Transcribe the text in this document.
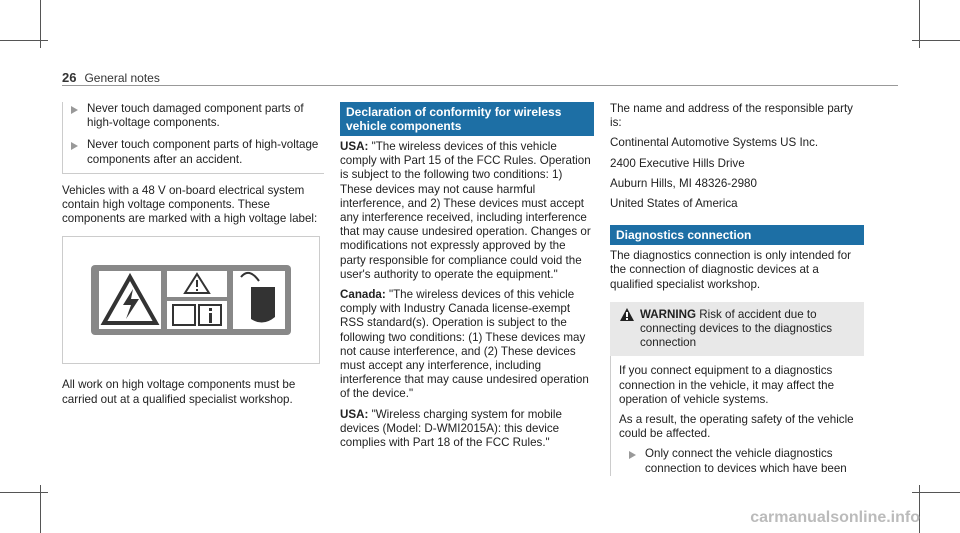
26 General notes
Never touch damaged component parts of high-voltage components.
Never touch component parts of high-voltage components after an accident.

Vehicles with a 48 V on-board electrical system contain high voltage components. These components are marked with a high voltage label:

All work on high voltage components must be carried out at a qualified specialist workshop.

Declaration of conformity for wireless vehicle components

USA: "The wireless devices of this vehicle comply with Part 15 of the FCC Rules. Operation is subject to the following two conditions: 1) These devices may not cause harmful interference, and 2) These devices must accept any interference received, including interference that may cause undesired operation. Changes or modifications not expressly approved by the party responsible for compliance could void the user's authority to operate the equipment."

Canada: "The wireless devices of this vehicle comply with Industry Canada license-exempt RSS standard(s). Operation is subject to the following two conditions: (1) These devices may not cause interference, and (2) These devices must accept any interference, including interference that may cause undesired operation of the device."

USA: "Wireless charging system for mobile devices (Model: D-WMI2015A): this device complies with Part 18 of the FCC Rules."

The name and address of the responsible party is:

Continental Automotive Systems US Inc.

2400 Executive Hills Drive

Auburn Hills, MI 48326-2980

United States of America

Diagnostics connection

The diagnostics connection is only intended for the connection of diagnostic devices at a qualified specialist workshop.

WARNING Risk of accident due to connecting devices to the diagnostics connection

If you connect equipment to a diagnostics connection in the vehicle, it may affect the operation of vehicle systems.

As a result, the operating safety of the vehicle could be affected.

Only connect the vehicle diagnostics connection to devices which have been
carmanualsonline.info
